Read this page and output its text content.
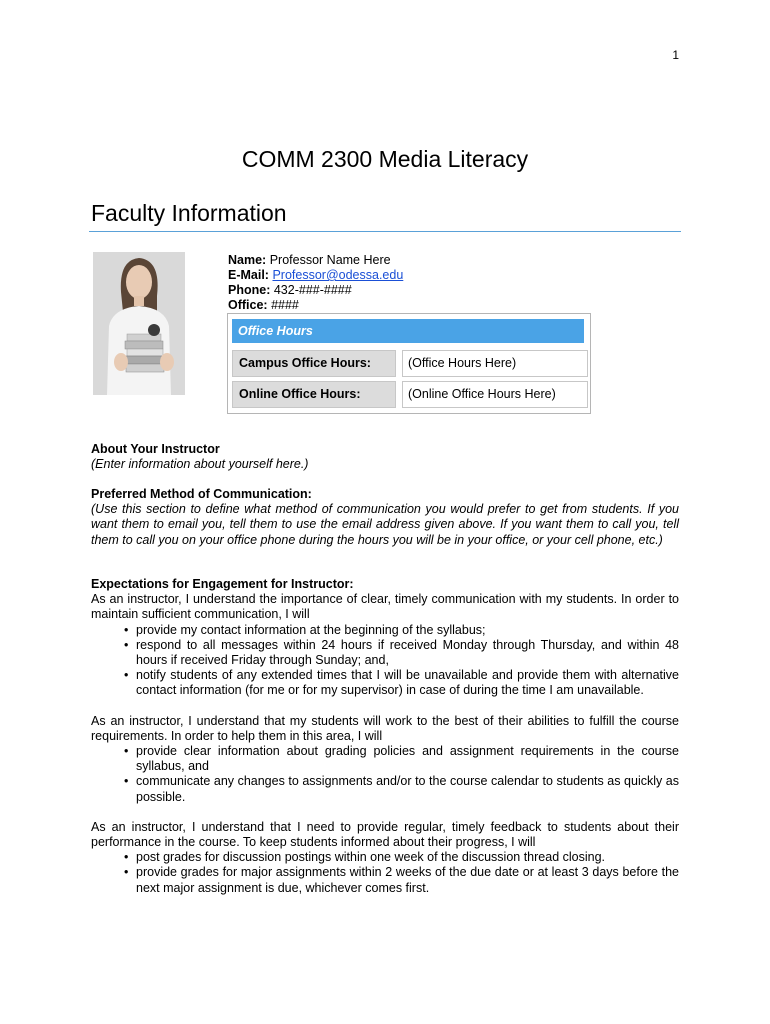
1
COMM 2300 Media Literacy
Faculty Information
Name: Professor Name Here
E-Mail: Professor@odessa.edu
Phone: 432-###-####
Office: ####
Office Hours
Campus Office Hours:	(Office Hours Here)
Online Office Hours:	(Online Office Hours Here)

About Your Instructor

(Enter information about yourself here.)

Preferred Method of Communication:

(Use this section to define what method of communication you would prefer to get from students. If you want them to email you, tell them to use the email address given above. If you want them to call you, tell them to call you on your office phone during the hours you will be in your office, or your cell phone, etc.)

Expectations for Engagement for Instructor:

As an instructor, I understand the importance of clear, timely communication with my students. In order to maintain sufficient communication, I will

• provide my contact information at the beginning of the syllabus;
• respond to all messages within 24 hours if received Monday through Thursday, and within 48 hours if received Friday through Sunday; and,
• notify students of any extended times that I will be unavailable and provide them with alternative contact information (for me or for my supervisor) in case of during the time I am unavailable.

As an instructor, I understand that my students will work to the best of their abilities to fulfill the course requirements. In order to help them in this area, I will

• provide clear information about grading policies and assignment requirements in the course syllabus, and
• communicate any changes to assignments and/or to the course calendar to students as quickly as possible.

As an instructor, I understand that I need to provide regular, timely feedback to students about their performance in the course. To keep students informed about their progress, I will

• post grades for discussion postings within one week of the discussion thread closing.
• provide grades for major assignments within 2 weeks of the due date or at least 3 days before the next major assignment is due, whichever comes first.
